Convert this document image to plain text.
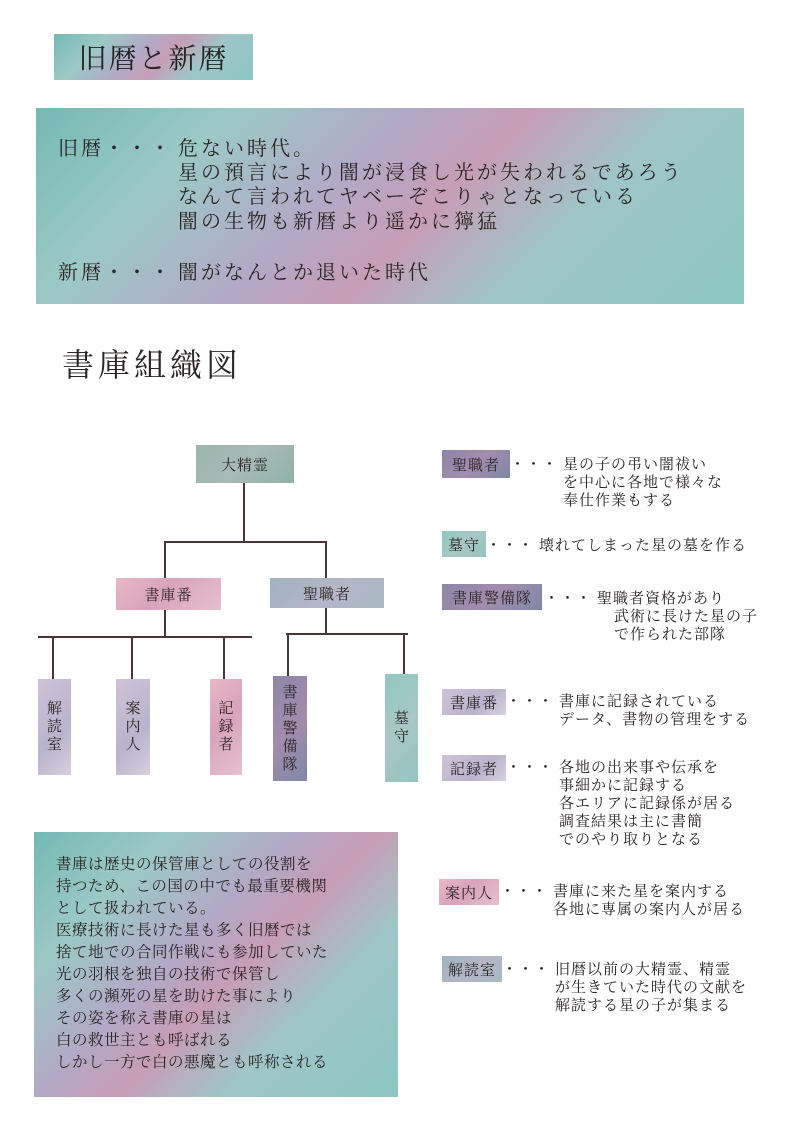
旧暦と新暦
旧暦・・・ 危ない時代。
星の預言により闇が浸食し光が失われるであろう
なんて言われてヤベーぞこりゃとなっている
闇の生物も新暦より遥かに獰猛
新暦・・・ 闇がなんとか退いた時代
書庫組織図
大精霊
書庫番	聖職者
解読室	案内人	記録者	書庫警備隊	墓守
聖職者 ・・・ 星の子の弔い闇祓い
を中心に各地で様々な
奉仕作業もする
墓守 ・・・ 壊れてしまった星の墓を作る
書庫警備隊 ・・・ 聖職者資格があり
武術に長けた星の子
で作られた部隊
書庫番 ・・・ 書庫に記録されている
データ、書物の管理をする
記録者 ・・・ 各地の出来事や伝承を
事細かに記録する
各エリアに記録係が居る
調査結果は主に書簡
でのやり取りとなる
案内人 ・・・ 書庫に来た星を案内する
各地に専属の案内人が居る
解読室 ・・・ 旧暦以前の大精霊、精霊
が生きていた時代の文献を
解読する星の子が集まる
書庫は歴史の保管庫としての役割を
持つため、この国の中でも最重要機関
として扱われている。
医療技術に長けた星も多く旧暦では
捨て地での合同作戦にも参加していた
光の羽根を独自の技術で保管し
多くの瀕死の星を助けた事により
その姿を称え書庫の星は
白の救世主とも呼ばれる
しかし一方で白の悪魔とも呼称される
